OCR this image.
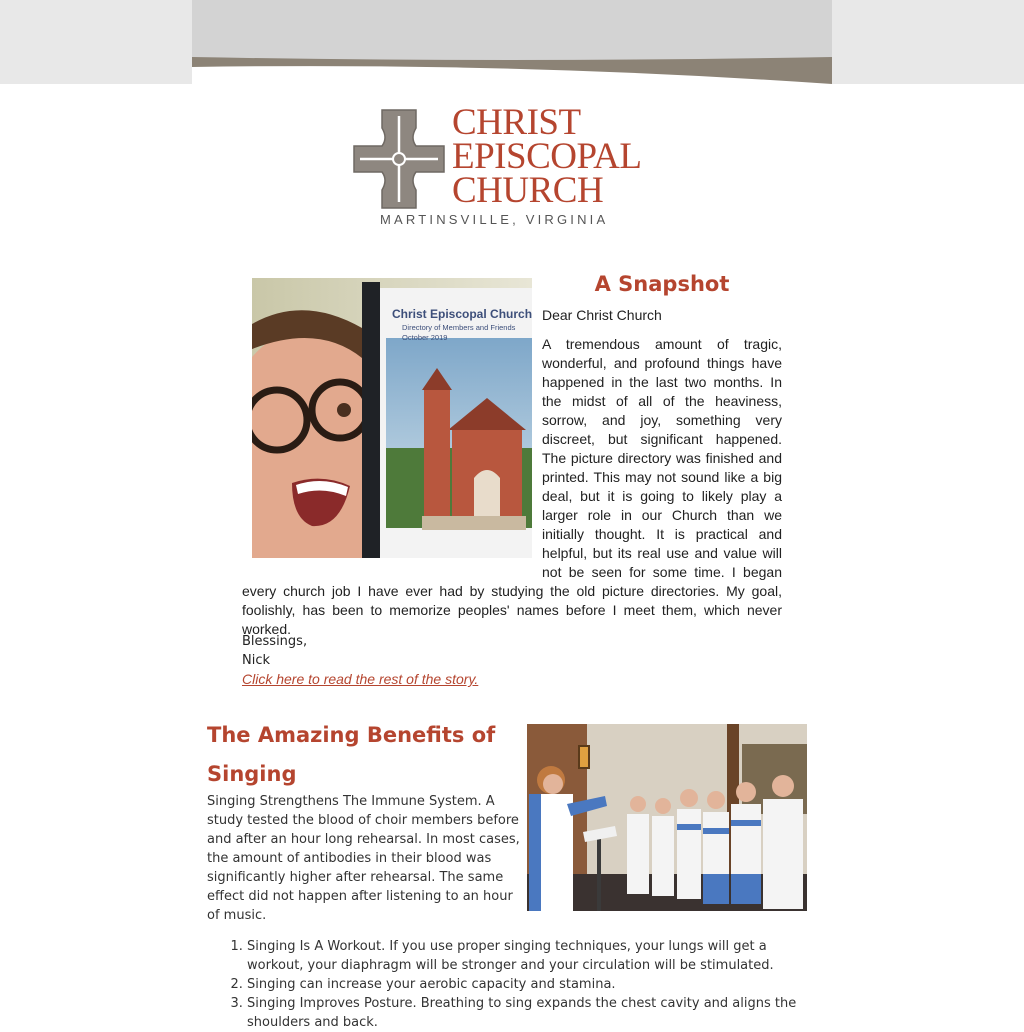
CHRIST
EPISCOPAL
CHURCH
MARTINSVILLE, VIRGINIA
Christ Episcopal Church
Directory of Members and Friends
October 2019
A Snapshot

Dear Christ Church

A tremendous amount of tragic, wonderful, and profound things have happened in the last two months. In the midst of all of the heaviness, sorrow, and joy, something very discreet, but significant happened. The picture directory was finished and printed. This may not sound like a big deal, but it is going to likely play a larger role in our Church than we initially thought. It is practical and helpful, but its real use and value will not be seen for some time. I began every church job I have ever had by studying the old picture directories. My goal, foolishly, has been to memorize peoples' names before I meet them, which never worked.

Blessings,
Nick
Click here to read the rest of the story.
The Amazing Benefits of Singing

Singing Strengthens The Immune System. A study tested the blood of choir members before and after an hour long rehearsal. In most cases, the amount of antibodies in their blood was significantly higher after rehearsal. The same effect did not happen after listening to an hour of music.

1. Singing Is A Workout. If you use proper singing techniques, your lungs will get a workout, your diaphragm will be stronger and your circulation will be stimulated.
2. Singing can increase your aerobic capacity and stamina.
3. Singing Improves Posture. Breathing to sing expands the chest cavity and aligns the shoulders and back.
